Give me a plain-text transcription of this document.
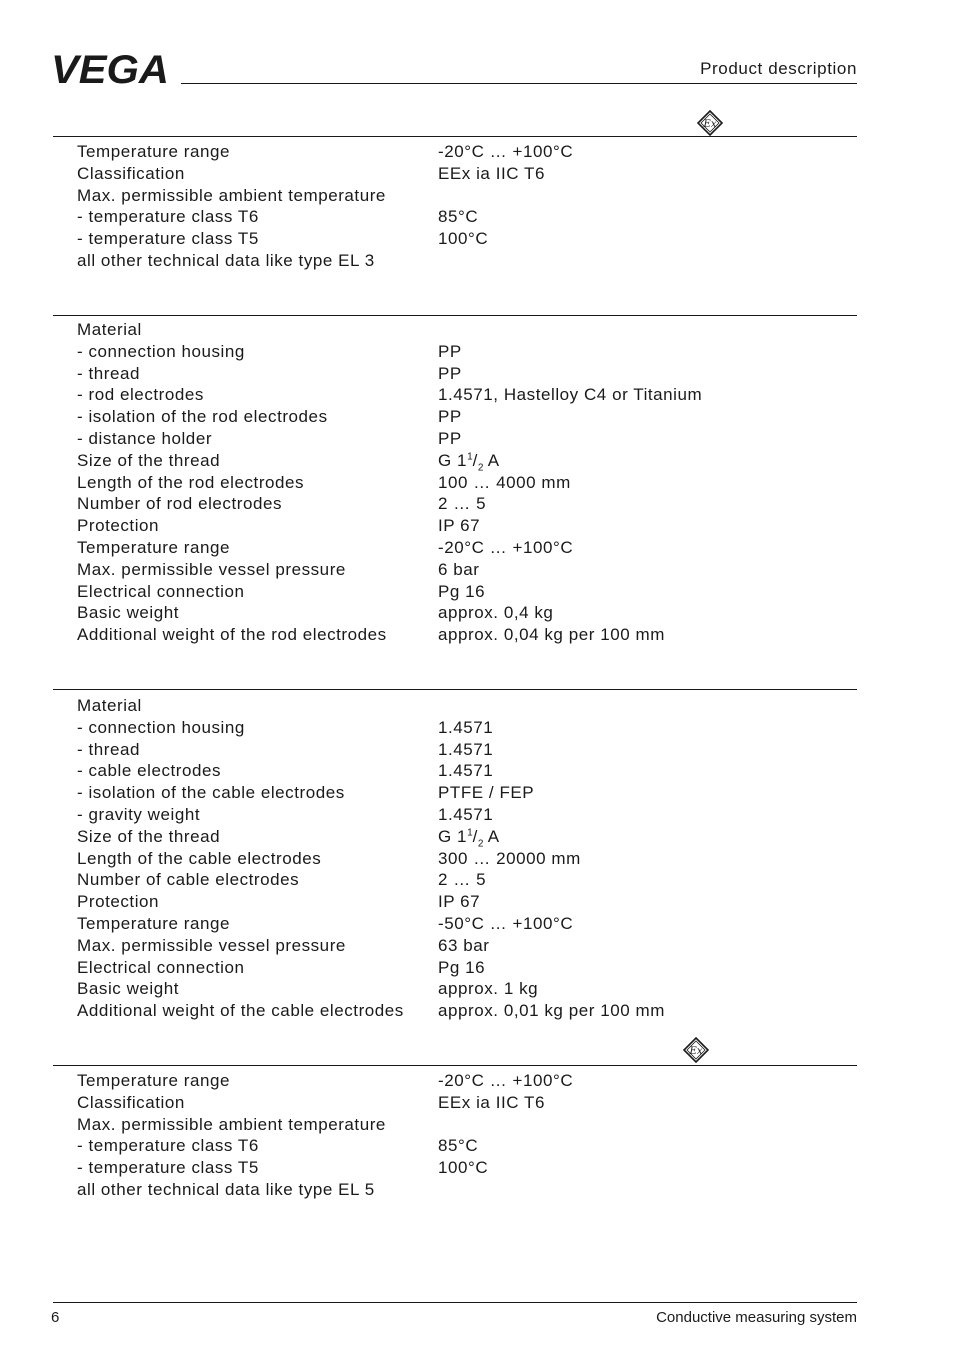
VEGA	Product description
Ex
Temperature range	-20°C … +100°C
Classification	EEx ia IIC T6
Max. permissible ambient temperature
- temperature class T6	85°C
- temperature class T5	100°C
all other technical data like type EL 3
Material
- connection housing	PP
- thread	PP
- rod electrodes	1.4571, Hastelloy C4 or Titanium
- isolation of the rod electrodes	PP
- distance holder	PP
Size of the thread	G $1^1/_2$ A
Length of the rod electrodes	100 … 4000 mm
Number of rod electrodes	2 … 5
Protection	IP 67
Temperature range	-20°C … +100°C
Max. permissible vessel pressure	6 bar
Electrical connection	Pg 16
Basic weight	approx. 0,4 kg
Additional weight of the rod electrodes	approx. 0,04 kg per 100 mm
Material
- connection housing	1.4571
- thread	1.4571
- cable electrodes	1.4571
- isolation of the cable electrodes	PTFE / FEP
- gravity weight	1.4571
Size of the thread	G $1^1/_2$ A
Length of the cable electrodes	300 … 20000 mm
Number of cable electrodes	2 … 5
Protection	IP 67
Temperature range	-50°C … +100°C
Max. permissible vessel pressure	63 bar
Electrical connection	Pg 16
Basic weight	approx. 1 kg
Additional weight of the cable electrodes approx. 0,01 kg per 100 mm
Ex
Temperature range	-20°C … +100°C
Classification	EEx ia IIC T6
Max. permissible ambient temperature
- temperature class T6	85°C
- temperature class T5	100°C
all other technical data like type EL 5
6	Conductive measuring system
